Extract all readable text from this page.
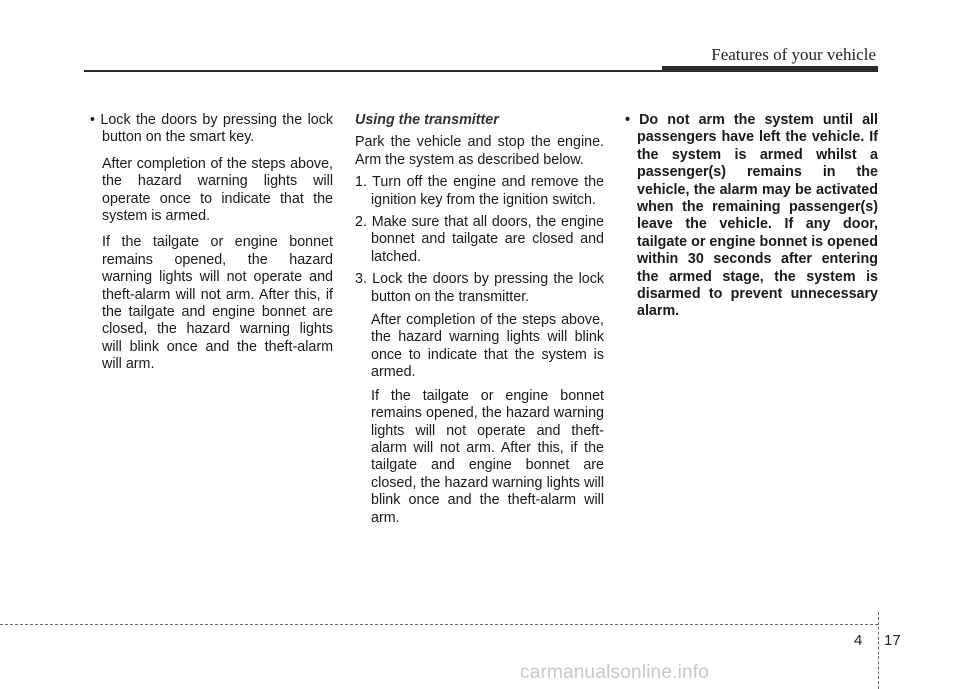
Features of your vehicle

• Lock the doors by pressing the lock button on the smart key.

After completion of the steps above, the hazard warning lights will operate once to indicate that the system is armed.

If the tailgate or engine bonnet remains opened, the hazard warning lights will not operate and theft-alarm will not arm. After this, if the tailgate and engine bonnet are closed, the hazard warning lights will blink once and the theft-alarm will arm.

Using the transmitter

Park the vehicle and stop the engine. Arm the system as described below.

1. Turn off the engine and remove the ignition key from the ignition switch.

2. Make sure that all doors, the engine bonnet and tailgate are closed and latched.

3. Lock the doors by pressing the lock button on the transmitter.

After completion of the steps above, the hazard warning lights will blink once to indicate that the system is armed.

If the tailgate or engine bonnet remains opened, the hazard warning lights will not operate and theft-alarm will not arm. After this, if the tailgate and engine bonnet are closed, the hazard warning lights will blink once and the theft-alarm will arm.

• Do not arm the system until all passengers have left the vehicle. If the system is armed whilst a passenger(s) remains in the vehicle, the alarm may be activated when the remaining passenger(s) leave the vehicle. If any door, tailgate or engine bonnet is opened within 30 seconds after entering the armed stage, the system is disarmed to prevent unnecessary alarm.

4 17
carmanualsonline.info
